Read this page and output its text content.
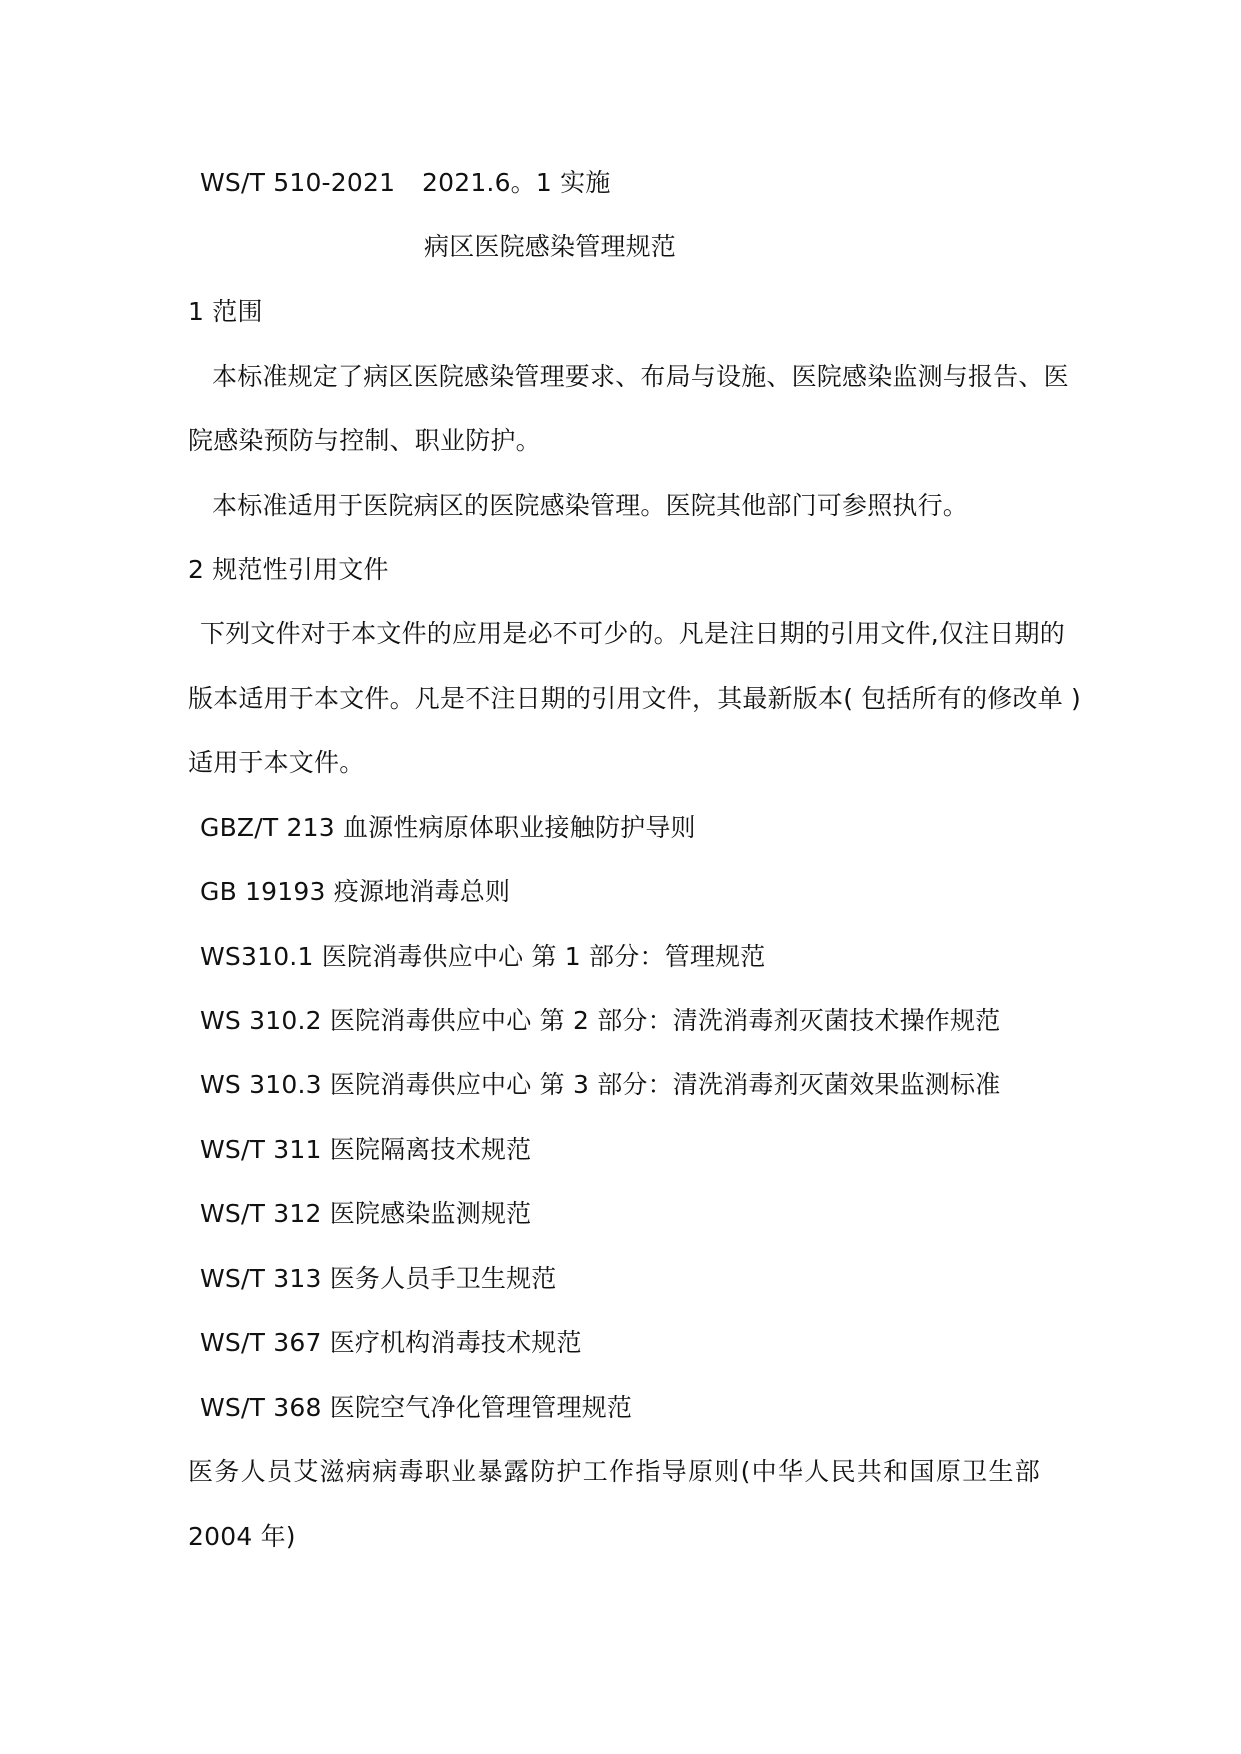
WS/T 510-2021 2021.6。1 实施
病区医院感染管理规范
1 范围
本标准规定了病区医院感染管理要求、布局与设施、医院感染监测与报告、医
院感染预防与控制、职业防护。
本标准适用于医院病区的医院感染管理。医院其他部门可参照执行。
2 规范性引用文件
下列文件对于本文件的应用是必不可少的。凡是注日期的引用文件,仅注日期的
版本适用于本文件。凡是不注日期的引用文件，其最新版本( 包括所有的修改单 )
适用于本文件。
GBZ/T 213 血源性病原体职业接触防护导则
GB 19193 疫源地消毒总则
WS310.1 医院消毒供应中心 第 1 部分：管理规范
WS 310.2 医院消毒供应中心 第 2 部分：清洗消毒剂灭菌技术操作规范
WS 310.3 医院消毒供应中心 第 3 部分：清洗消毒剂灭菌效果监测标准
WS/T 311 医院隔离技术规范
WS/T 312 医院感染监测规范
WS/T 313 医务人员手卫生规范
WS/T 367 医疗机构消毒技术规范
WS/T 368 医院空气净化管理管理规范
医务人员艾滋病病毒职业暴露防护工作指导原则(中华人民共和国原卫生部
2004 年)
